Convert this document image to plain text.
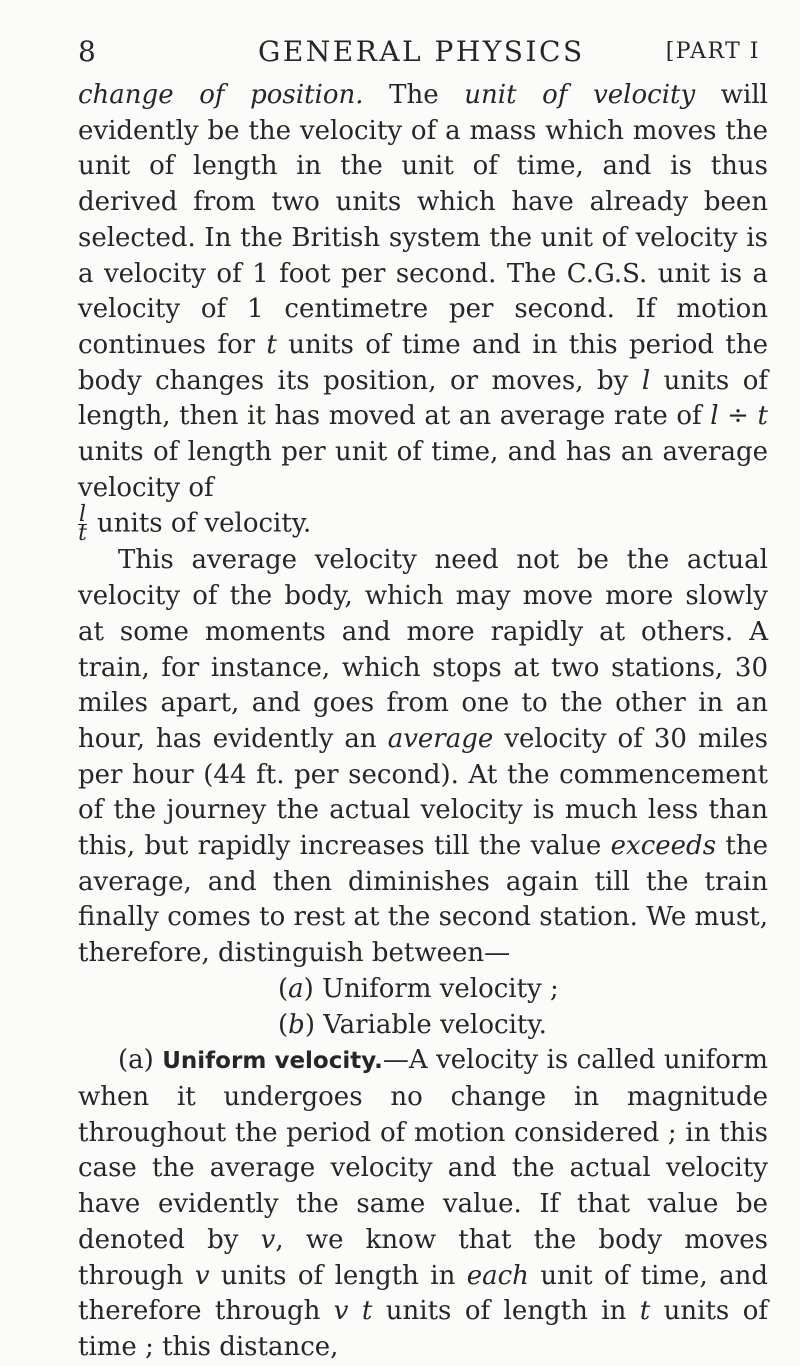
8	GENERAL PHYSICS	[PART I

change of position. The unit of velocity will evidently be the velocity of a mass which moves the unit of length in the unit of time, and is thus derived from two units which have already been selected. In the British system the unit of velocity is a velocity of 1 foot per second. The C.G.S. unit is a velocity of 1 centimetre per second. If motion continues for t units of time and in this period the body changes its position, or moves, by l units of length, then it has moved at an average rate of l ÷ t units of length per unit of time, and has an average velocity of

$\frac{l}{t}$ units of velocity.

This average velocity need not be the actual velocity of the body, which may move more slowly at some moments and more rapidly at others. A train, for instance, which stops at two stations, 30 miles apart, and goes from one to the other in an hour, has evidently an average velocity of 30 miles per hour (44 ft. per second). At the commencement of the journey the actual velocity is much less than this, but rapidly increases till the value exceeds the average, and then diminishes again till the train finally comes to rest at the second station. We must, therefore, distinguish between—

(a) Uniform velocity ;
(b) Variable velocity.

(a) Uniform velocity.—A velocity is called uniform when it undergoes no change in magnitude throughout the period of motion considered ; in this case the average velocity and the actual velocity have evidently the same value. If that value be denoted by v, we know that the body moves through v units of length in each unit of time, and therefore through v t units of length in t units of time ; this distance,
